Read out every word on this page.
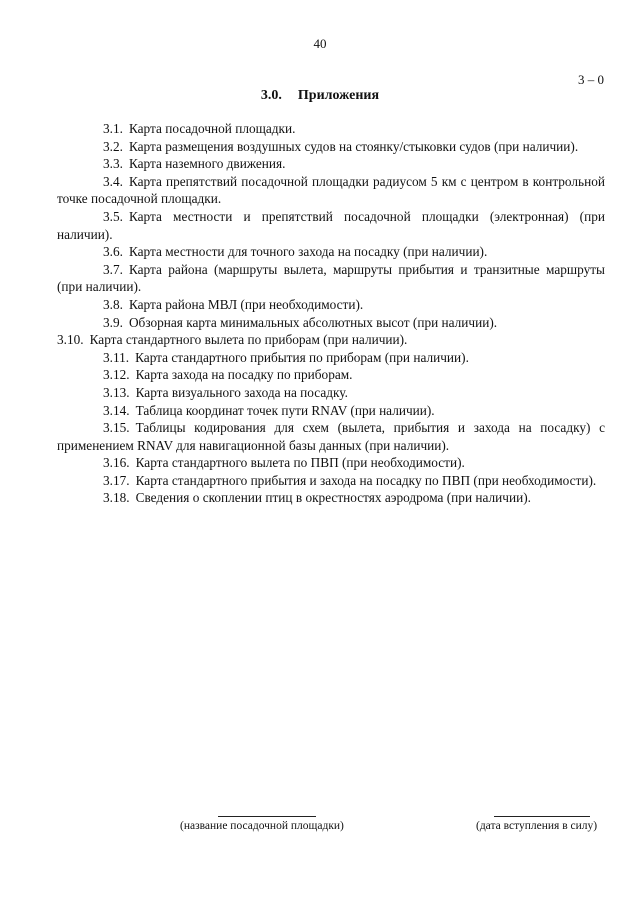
40
3 – 0
3.0. Приложения

3.1. Карта посадочной площадки.

3.2. Карта размещения воздушных судов на стоянку/стыковки судов (при наличии).

3.3. Карта наземного движения.

3.4. Карта препятствий посадочной площадки радиусом 5 км с центром в контрольной точке посадочной площадки.

3.5. Карта местности и препятствий посадочной площадки (электронная) (при наличии).

3.6. Карта местности для точного захода на посадку (при наличии).

3.7. Карта района (маршруты вылета, маршруты прибытия и транзитные маршруты (при наличии).

3.8. Карта района МВЛ (при необходимости).

3.9. Обзорная карта минимальных абсолютных высот (при наличии).

3.10. Карта стандартного вылета по приборам (при наличии).

3.11. Карта стандартного прибытия по приборам (при наличии).

3.12. Карта захода на посадку по приборам.

3.13. Карта визуального захода на посадку.

3.14. Таблица координат точек пути RNAV (при наличии).

3.15. Таблицы кодирования для схем (вылета, прибытия и захода на посадку) с применением RNAV для навигационной базы данных (при наличии).

3.16. Карта стандартного вылета по ПВП (при необходимости).

3.17. Карта стандартного прибытия и захода на посадку по ПВП (при необходимости).

3.18. Сведения о скоплении птиц в окрестностях аэродрома (при наличии).

(название посадочной площадки)	(дата вступления в силу)
